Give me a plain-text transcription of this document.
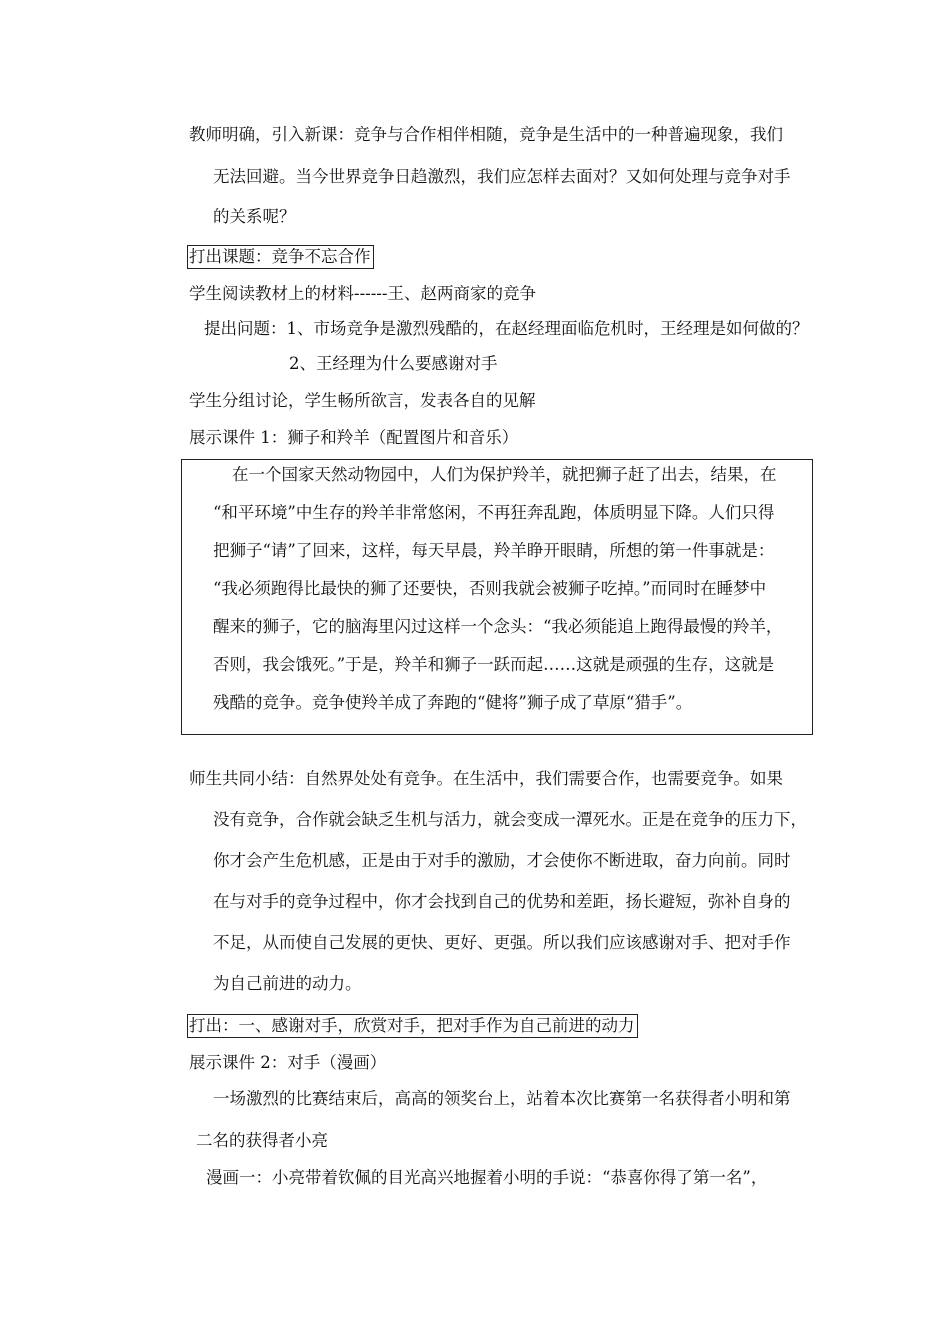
教师明确，引入新课：竞争与合作相伴相随，竞争是生活中的一种普遍现象，我们
无法回避。当今世界竞争日趋激烈，我们应怎样去面对？又如何处理与竞争对手
的关系呢？
打出课题：竞争不忘合作
学生阅读教材上的材料------王、赵两商家的竞争
提出问题：1、市场竞争是激烈残酷的，在赵经理面临危机时，王经理是如何做的？
2、王经理为什么要感谢对手
学生分组讨论，学生畅所欲言，发表各自的见解
展示课件 1：狮子和羚羊（配置图片和音乐）
在一个国家天然动物园中，人们为保护羚羊，就把狮子赶了出去，结果，在
“和平环境”中生存的羚羊非常悠闲，不再狂奔乱跑，体质明显下降。人们只得
把狮子“请”了回来，这样，每天早晨，羚羊睁开眼睛，所想的第一件事就是：
“我必须跑得比最快的狮了还要快，否则我就会被狮子吃掉。”而同时在睡梦中
醒来的狮子，它的脑海里闪过这样一个念头：“我必须能追上跑得最慢的羚羊，
否则，我会饿死。”于是，羚羊和狮子一跃而起……这就是顽强的生存，这就是
残酷的竞争。竞争使羚羊成了奔跑的“健将”狮子成了草原“猎手”。
师生共同小结：自然界处处有竞争。在生活中，我们需要合作，也需要竞争。如果
没有竞争，合作就会缺乏生机与活力，就会变成一潭死水。正是在竞争的压力下，
你才会产生危机感，正是由于对手的激励，才会使你不断进取，奋力向前。同时
在与对手的竞争过程中，你才会找到自己的优势和差距，扬长避短，弥补自身的
不足，从而使自己发展的更快、更好、更强。所以我们应该感谢对手、把对手作
为自己前进的动力。
打出：一、感谢对手，欣赏对手，把对手作为自己前进的动力
展示课件 2：对手（漫画）
一场激烈的比赛结束后，高高的领奖台上，站着本次比赛第一名获得者小明和第
二名的获得者小亮
漫画一：小亮带着钦佩的目光高兴地握着小明的手说：“恭喜你得了第一名”，
